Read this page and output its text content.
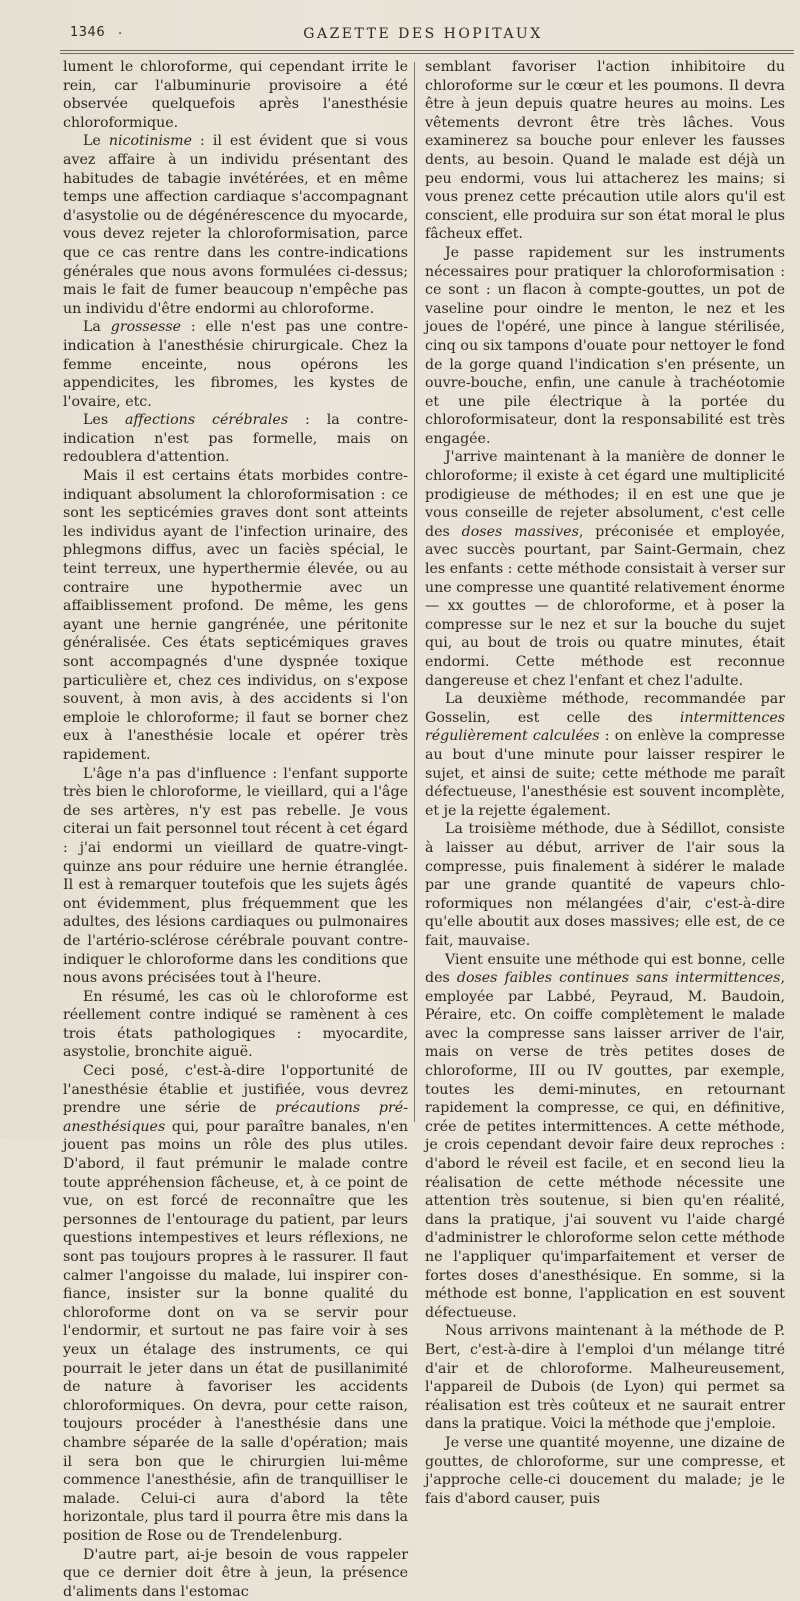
1346 .	GAZETTE DES HOPITAUX

lument le chloroforme, qui cependant irrite le rein, car l'albuminurie provisoire a été observée quelquefois après l'anesthésie chloroformique.

Le nicotinisme : il est évident que si vous avez affaire à un individu présentant des habitudes de tabagie invétérées, et en même temps une affection cardiaque s'accompagnant d'asystolie ou de dégénérescence du myocarde, vous devez rejeter la chloroformisation, parce que ce cas rentre dans les contre-indications générales que nous avons formulées ci-dessus; mais le fait de fumer beaucoup n'empêche pas un individu d'être endormi au chloroforme.

La grossesse : elle n'est pas une contre-indication à l'anesthésie chirurgicale. Chez la femme enceinte, nous opérons les appendicites, les fibromes, les kystes de l'ovaire, etc.

Les affections cérébrales : la contre-indication n'est pas formelle, mais on redoublera d'attention.

Mais il est certains états morbides contre-indiquant absolument la chloroformisation : ce sont les septicémies graves dont sont atteints les individus ayant de l'infection urinaire, des phlegmons diffus, avec un faciès spécial, le teint terreux, une hyperthermie élevée, ou au contraire une hypothermie avec un affaiblissement profond. De même, les gens ayant une hernie gangrénée, une péritonite généralisée. Ces états septicémiques graves sont accompagnés d'une dyspnée toxique particulière et, chez ces individus, on s'expose souvent, à mon avis, à des accidents si l'on emploie le chloroforme; il faut se borner chez eux à l'anesthésie locale et opérer très rapidement.

L'âge n'a pas d'influence : l'enfant supporte très bien le chloroforme, le vieillard, qui a l'âge de ses artères, n'y est pas rebelle. Je vous citerai un fait personnel tout récent à cet égard : j'ai endormi un vieillard de quatre-vingt-quinze ans pour réduire une hernie étranglée. Il est à remarquer toutefois que les sujets âgés ont évidemment, plus fréquemment que les adultes, des lésions cardiaques ou pulmonaires de l'artério-sclérose cérébrale pouvant contre-indiquer le chloroforme dans les conditions que nous avons précisées tout à l'heure.

En résumé, les cas où le chloroforme est réellement contre indiqué se ramènent à ces trois états pathologiques : myocardite, asystolie, bronchite aiguë.

Ceci posé, c'est-à-dire l'opportunité de l'anesthésie établie et justifiée, vous devrez prendre une série de précautions pré-anesthésiques qui, pour paraître banales, n'en jouent pas moins un rôle des plus utiles. D'abord, il faut prémunir le malade contre toute appréhension fâcheuse, et, à ce point de vue, on est forcé de reconnaître que les personnes de l'entourage du patient, par leurs questions intempestives et leurs réflexions, ne sont pas toujours propres à le rassurer. Il faut calmer l'angoisse du malade, lui inspirer confiance, insister sur la bonne qualité du chloroforme dont on va se servir pour l'endormir, et surtout ne pas faire voir à ses yeux un étalage des instruments, ce qui pourrait le jeter dans un état de pusillanimité de nature à favoriser les accidents chloroformiques. On devra, pour cette raison, toujours procéder à l'anesthésie dans une chambre séparée de la salle d'opération; mais il sera bon que le chirurgien lui-même commence l'anesthésie, afin de tranquilliser le malade. Celui-ci aura d'abord la tête horizontale, plus tard il pourra être mis dans la position de Rose ou de Trendelenburg.

D'autre part, ai-je besoin de vous rappeler que ce dernier doit être à jeun, la présence d'aliments dans l'estomac

semblant favoriser l'action inhibitoire du chloroforme sur le cœur et les poumons. Il devra être à jeun depuis quatre heures au moins. Les vêtements devront être très lâches. Vous examinerez sa bouche pour enlever les fausses dents, au besoin. Quand le malade est déjà un peu endormi, vous lui attacherez les mains; si vous prenez cette précaution utile alors qu'il est conscient, elle produira sur son état moral le plus fâcheux effet.

Je passe rapidement sur les instruments nécessaires pour pratiquer la chloroformisation : ce sont : un flacon à compte-gouttes, un pot de vaseline pour oindre le menton, le nez et les joues de l'opéré, une pince à langue stérilisée, cinq ou six tampons d'ouate pour nettoyer le fond de la gorge quand l'indication s'en présente, un ouvre-bouche, enfin, une canule à trachéotomie et une pile électrique à la portée du chloroformisateur, dont la responsabilité est très engagée.

J'arrive maintenant à la manière de donner le chloroforme; il existe à cet égard une multiplicité prodigieuse de méthodes; il en est une que je vous conseille de rejeter absolument, c'est celle des doses massives, préconisée et employée, avec succès pourtant, par Saint-Germain, chez les enfants : cette méthode consistait à verser sur une compresse une quantité relativement énorme — xx gouttes — de chloroforme, et à poser la compresse sur le nez et sur la bouche du sujet qui, au bout de trois ou quatre minutes, était endormi. Cette méthode est reconnue dangereuse et chez l'enfant et chez l'adulte.

La deuxième méthode, recommandée par Gosselin, est celle des intermittences régulièrement calculées : on enlève la compresse au bout d'une minute pour laisser respirer le sujet, et ainsi de suite; cette méthode me paraît défectueuse, l'anesthésie est souvent incomplète, et je la rejette également.

La troisième méthode, due à Sédillot, consiste à laisser au début, arriver de l'air sous la compresse, puis finalement à sidérer le malade par une grande quantité de vapeurs chloroformiques non mélangées d'air, c'est-à-dire qu'elle aboutit aux doses massives; elle est, de ce fait, mauvaise.

Vient ensuite une méthode qui est bonne, celle des doses faibles continues sans intermittences, employée par Labbé, Peyraud, M. Baudoin, Péraire, etc. On coiffe complètement le malade avec la compresse sans laisser arriver de l'air, mais on verse de très petites doses de chloroforme, III ou IV gouttes, par exemple, toutes les demi-minutes, en retournant rapidement la compresse, ce qui, en définitive, crée de petites intermittences. A cette méthode, je crois cependant devoir faire deux reproches : d'abord le réveil est facile, et en second lieu la réalisation de cette méthode nécessite une attention très soutenue, si bien qu'en réalité, dans la pratique, j'ai souvent vu l'aide chargé d'administrer le chloroforme selon cette méthode ne l'appliquer qu'imparfaitement et verser de fortes doses d'anesthésique. En somme, si la méthode est bonne, l'application en est souvent défectueuse.

Nous arrivons maintenant à la méthode de P. Bert, c'est-à-dire à l'emploi d'un mélange titré d'air et de chloroforme. Malheureusement, l'appareil de Dubois (de Lyon) qui permet sa réalisation est très coûteux et ne saurait entrer dans la pratique. Voici la méthode que j'emploie.

Je verse une quantité moyenne, une dizaine de gouttes, de chloroforme, sur une compresse, et j'approche celle-ci doucement du malade; je le fais d'abord causer, puis
